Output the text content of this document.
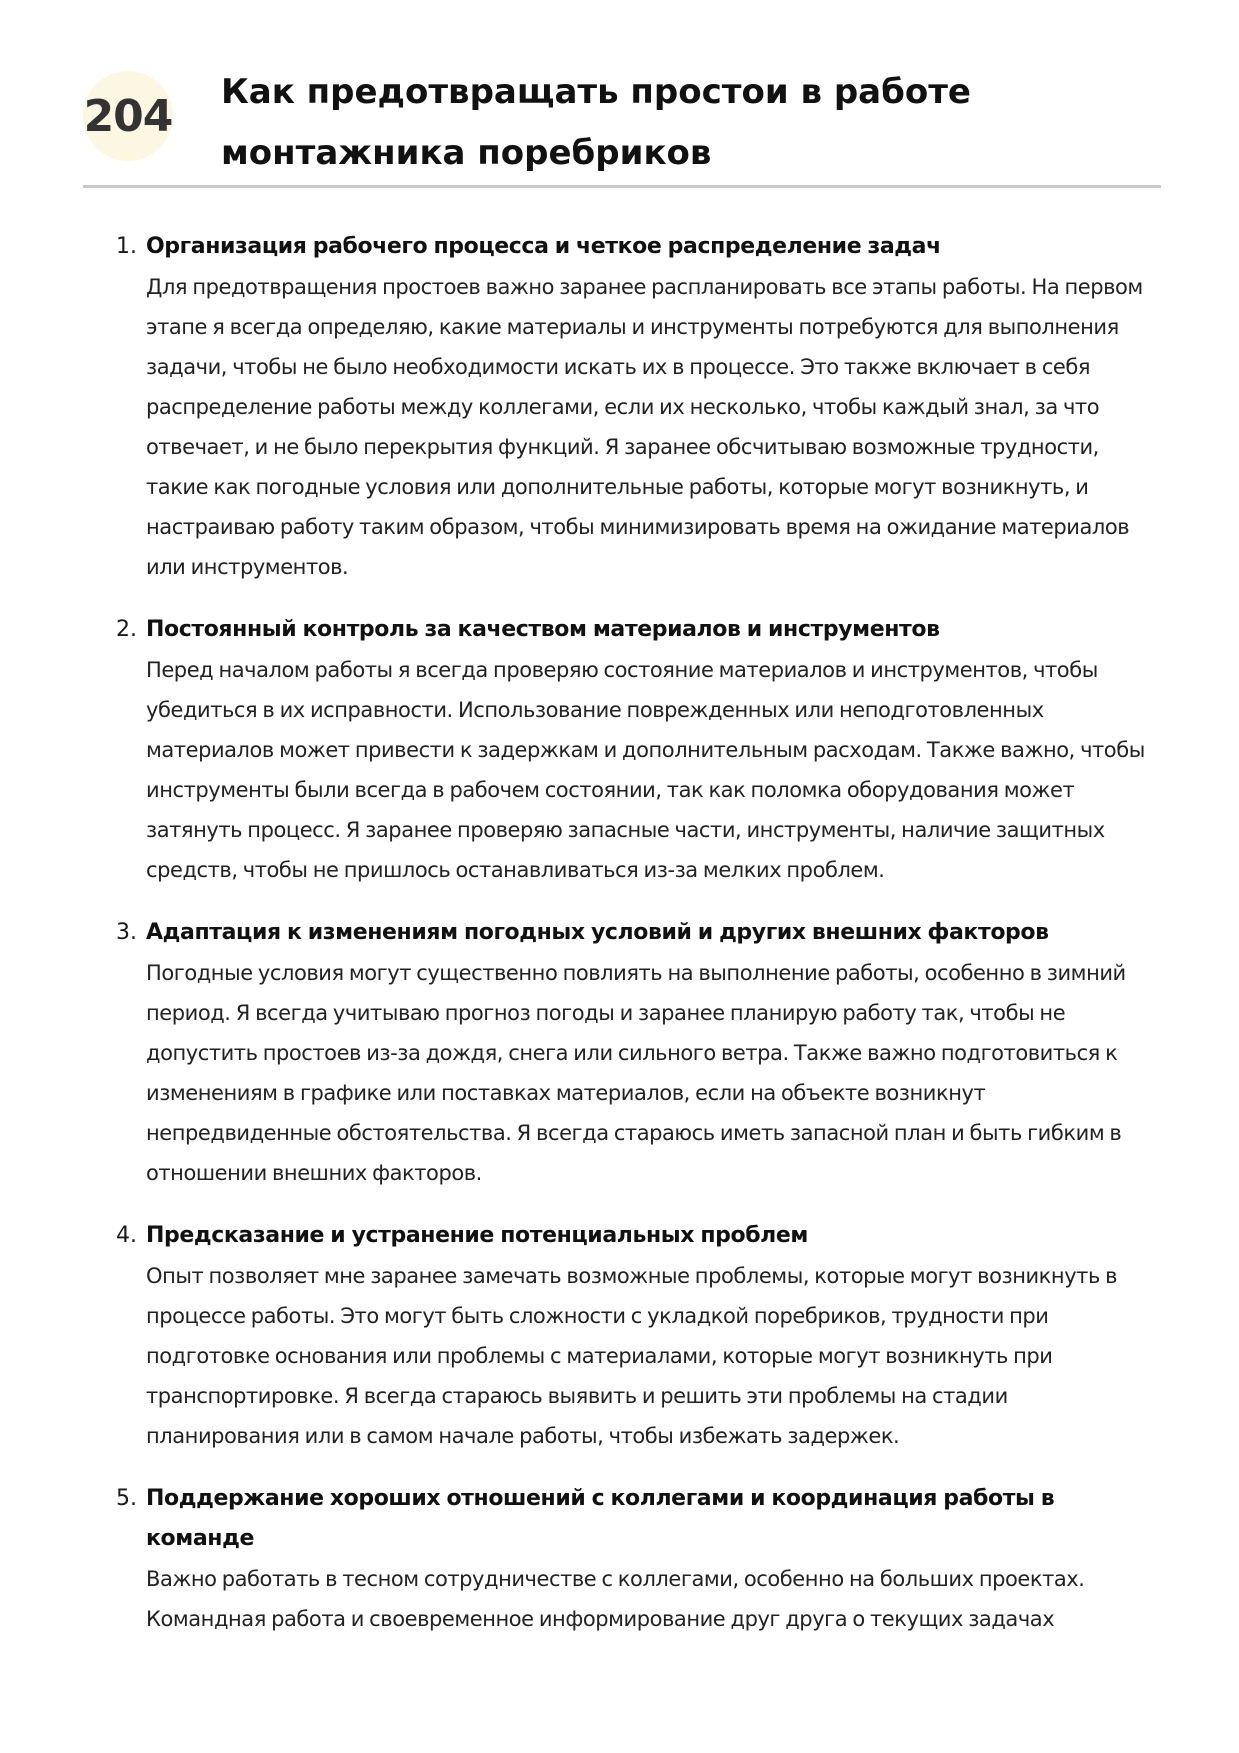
204 Как предотвращать простои в работе монтажника поребриков
1. Организация рабочего процесса и четкое распределение задач

Для предотвращения простоев важно заранее распланировать все этапы работы. На первом этапе я всегда определяю, какие материалы и инструменты потребуются для выполнения задачи, чтобы не было необходимости искать их в процессе. Это также включает в себя распределение работы между коллегами, если их несколько, чтобы каждый знал, за что отвечает, и не было перекрытия функций. Я заранее обсчитываю возможные трудности, такие как погодные условия или дополнительные работы, которые могут возникнуть, и настраиваю работу таким образом, чтобы минимизировать время на ожидание материалов или инструментов.

2. Постоянный контроль за качеством материалов и инструментов

Перед началом работы я всегда проверяю состояние материалов и инструментов, чтобы убедиться в их исправности. Использование поврежденных или неподготовленных материалов может привести к задержкам и дополнительным расходам. Также важно, чтобы инструменты были всегда в рабочем состоянии, так как поломка оборудования может затянуть процесс. Я заранее проверяю запасные части, инструменты, наличие защитных средств, чтобы не пришлось останавливаться из-за мелких проблем.

3. Адаптация к изменениям погодных условий и других внешних факторов

Погодные условия могут существенно повлиять на выполнение работы, особенно в зимний период. Я всегда учитываю прогноз погоды и заранее планирую работу так, чтобы не допустить простоев из-за дождя, снега или сильного ветра. Также важно подготовиться к изменениям в графике или поставках материалов, если на объекте возникнут непредвиденные обстоятельства. Я всегда стараюсь иметь запасной план и быть гибким в отношении внешних факторов.

4. Предсказание и устранение потенциальных проблем

Опыт позволяет мне заранее замечать возможные проблемы, которые могут возникнуть в процессе работы. Это могут быть сложности с укладкой поребриков, трудности при подготовке основания или проблемы с материалами, которые могут возникнуть при транспортировке. Я всегда стараюсь выявить и решить эти проблемы на стадии планирования или в самом начале работы, чтобы избежать задержек.

5. Поддержание хороших отношений с коллегами и координация работы в команде

Важно работать в тесном сотрудничестве с коллегами, особенно на больших проектах. Командная работа и своевременное информирование друг друга о текущих задачах
